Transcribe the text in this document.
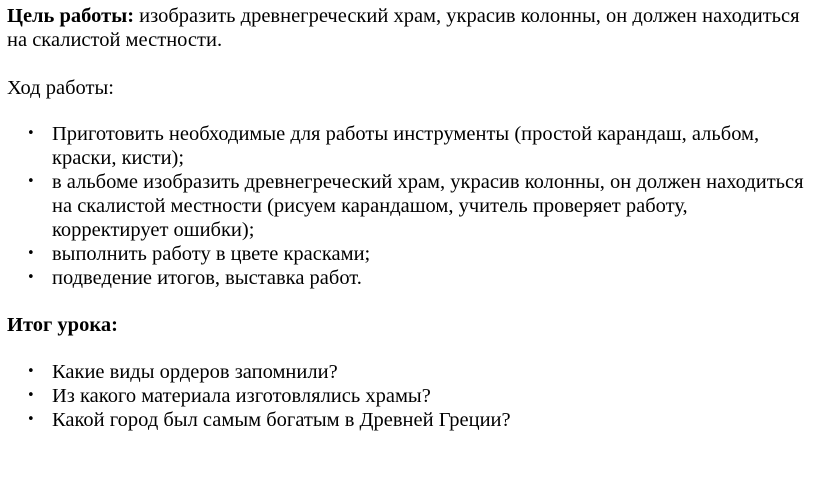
Цель работы: изобразить древнегреческий храм, украсив колонны, он должен находиться на скалистой местности.

Ход работы:

• Приготовить необходимые для работы инструменты (простой карандаш, альбом, краски, кисти);
• в альбоме изобразить древнегреческий храм, украсив колонны, он должен находиться на скалистой местности (рисуем карандашом, учитель проверяет работу, корректирует ошибки);
• выполнить работу в цвете красками;
• подведение итогов, выставка работ.

Итог урока:

• Какие виды ордеров запомнили?
• Из какого материала изготовлялись храмы?
• Какой город был самым богатым в Древней Греции?
